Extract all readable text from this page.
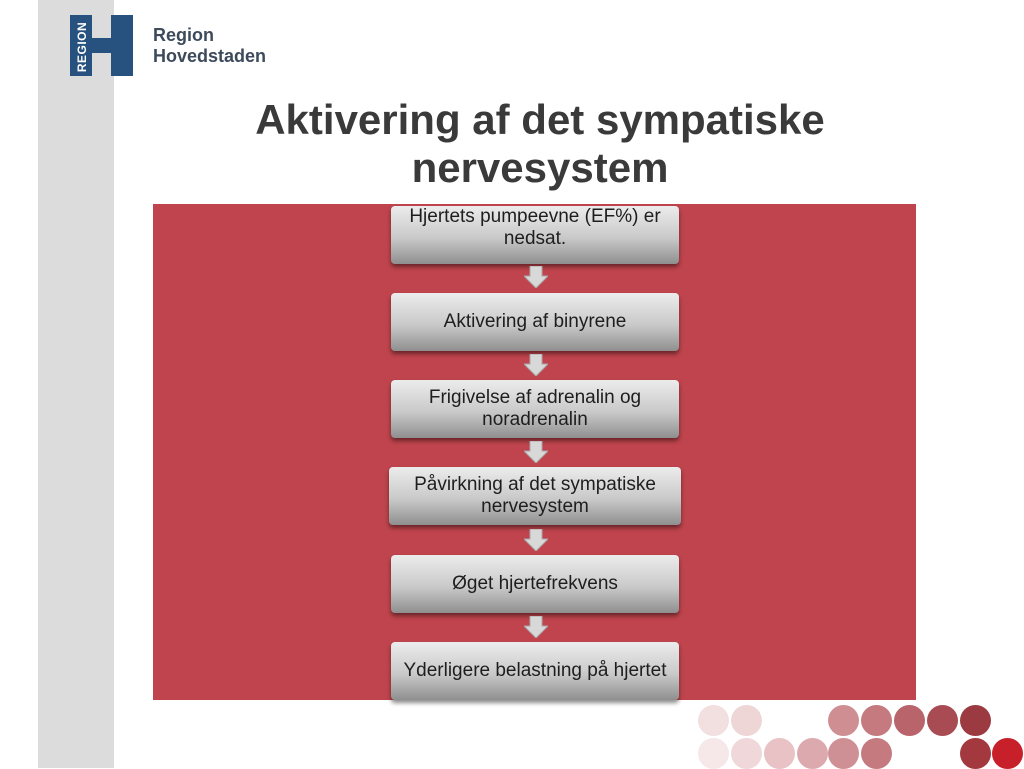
REGION	Region
Hovedstaden
Aktivering af det sympatiske nervesystem
Hjertets pumpeevne (EF%) er nedsat.
Aktivering af binyrene
Frigivelse af adrenalin og noradrenalin
Påvirkning af det sympatiske nervesystem
Øget hjertefrekvens
Yderligere belastning på hjertet
